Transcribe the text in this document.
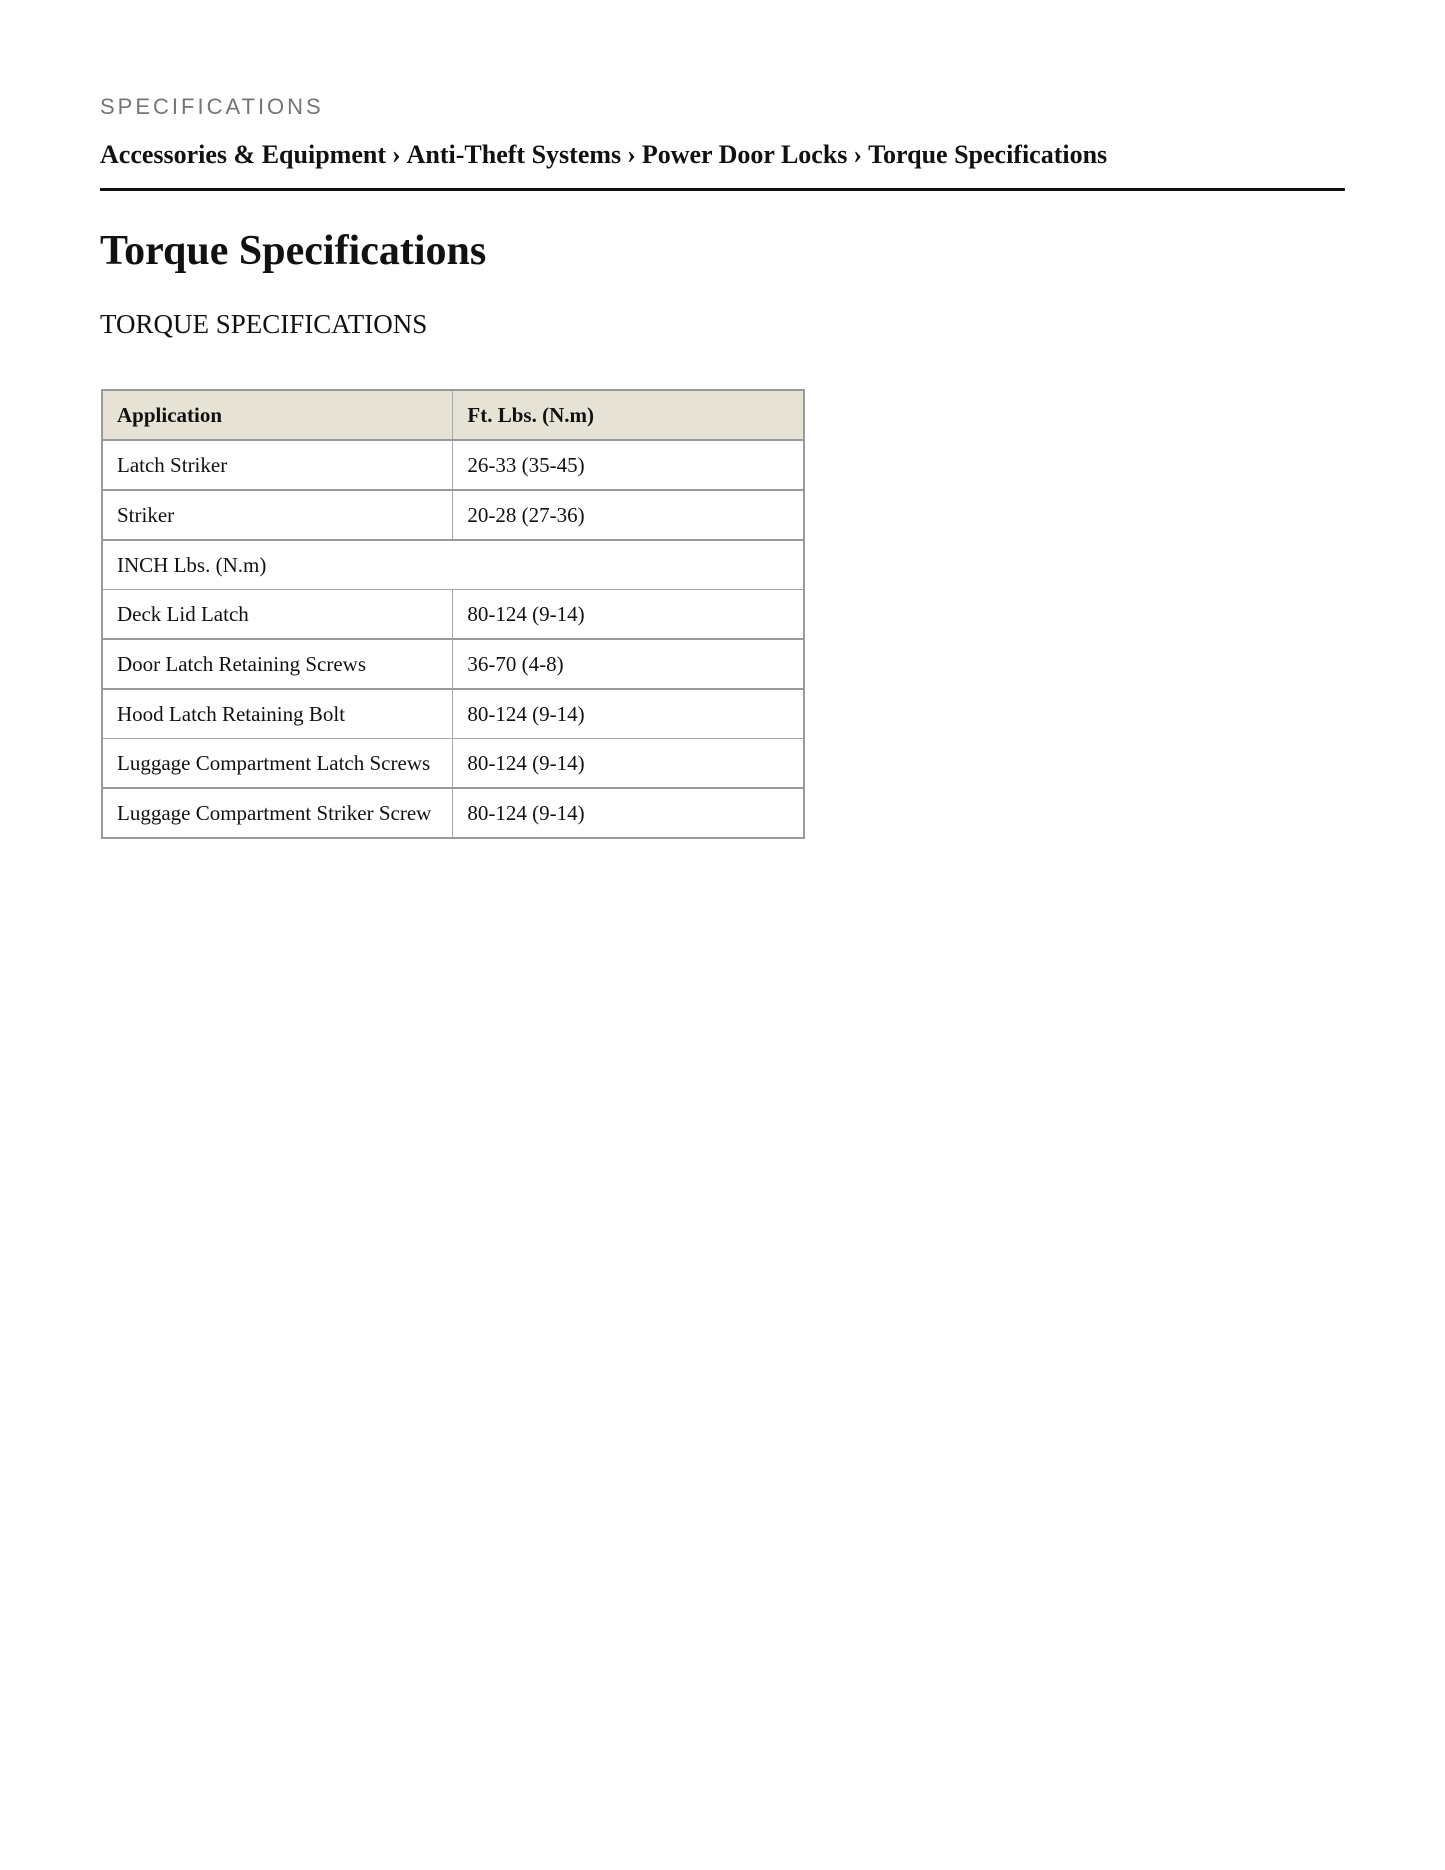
SPECIFICATIONS
Accessories & Equipment › Anti-Theft Systems › Power Door Locks › Torque Specifications
Torque Specifications
TORQUE SPECIFICATIONS
Application	Ft. Lbs. (N.m)
Latch Striker	26-33 (35-45)
Striker	20-28 (27-36)
INCH Lbs. (N.m)	
Deck Lid Latch	80-124 (9-14)
Door Latch Retaining Screws	36-70 (4-8)
Hood Latch Retaining Bolt	80-124 (9-14)
Luggage Compartment Latch Screws	80-124 (9-14)
Luggage Compartment Striker Screw	80-124 (9-14)
